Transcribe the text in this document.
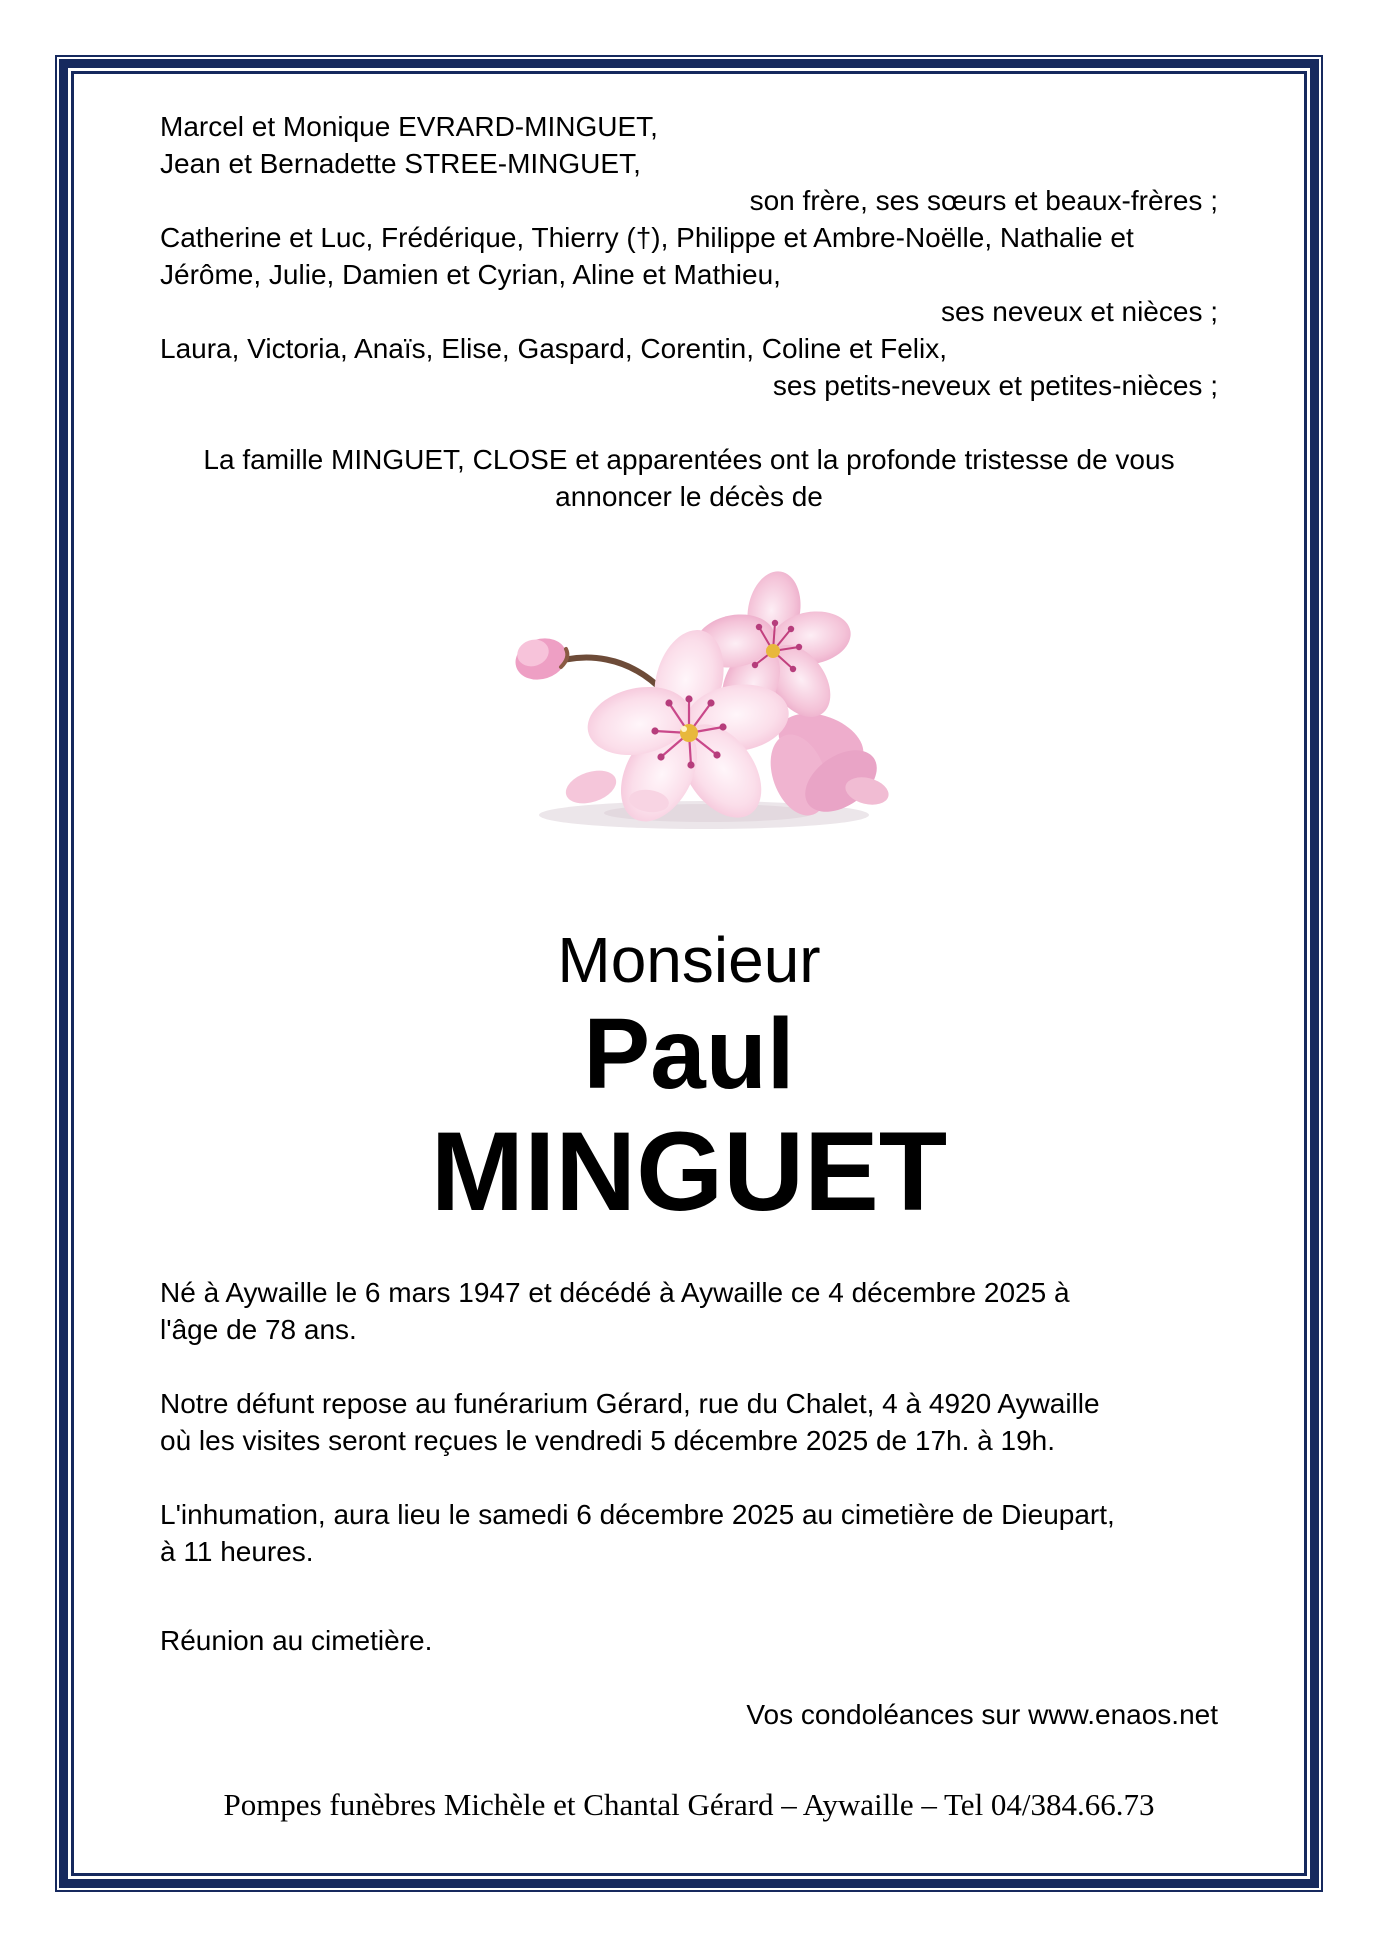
Marcel et Monique EVRARD-MINGUET,
Jean et Bernadette STREE-MINGUET,
son frère, ses sœurs et beaux-frères ;
Catherine et Luc, Frédérique, Thierry (†), Philippe et Ambre-Noëlle, Nathalie et
Jérôme, Julie, Damien et Cyrian, Aline et Mathieu,
ses neveux et nièces ;
Laura, Victoria, Anaïs, Elise, Gaspard, Corentin, Coline et Felix,
ses petits-neveux et petites-nièces ;
La famille MINGUET, CLOSE et apparentées ont la profonde tristesse de vous
annoncer le décès de
Monsieur
Paul
MINGUET
Né à Aywaille le 6 mars 1947 et décédé à Aywaille ce 4 décembre 2025 à
l'âge de 78 ans.
Notre défunt repose au funérarium Gérard, rue du Chalet, 4 à 4920 Aywaille
où les visites seront reçues le vendredi 5 décembre 2025 de 17h. à 19h.
L'inhumation, aura lieu le samedi 6 décembre 2025 au cimetière de Dieupart,
à 11 heures.
Réunion au cimetière.
Vos condoléances sur www.enaos.net
Pompes funèbres Michèle et Chantal Gérard – Aywaille – Tel 04/384.66.73
